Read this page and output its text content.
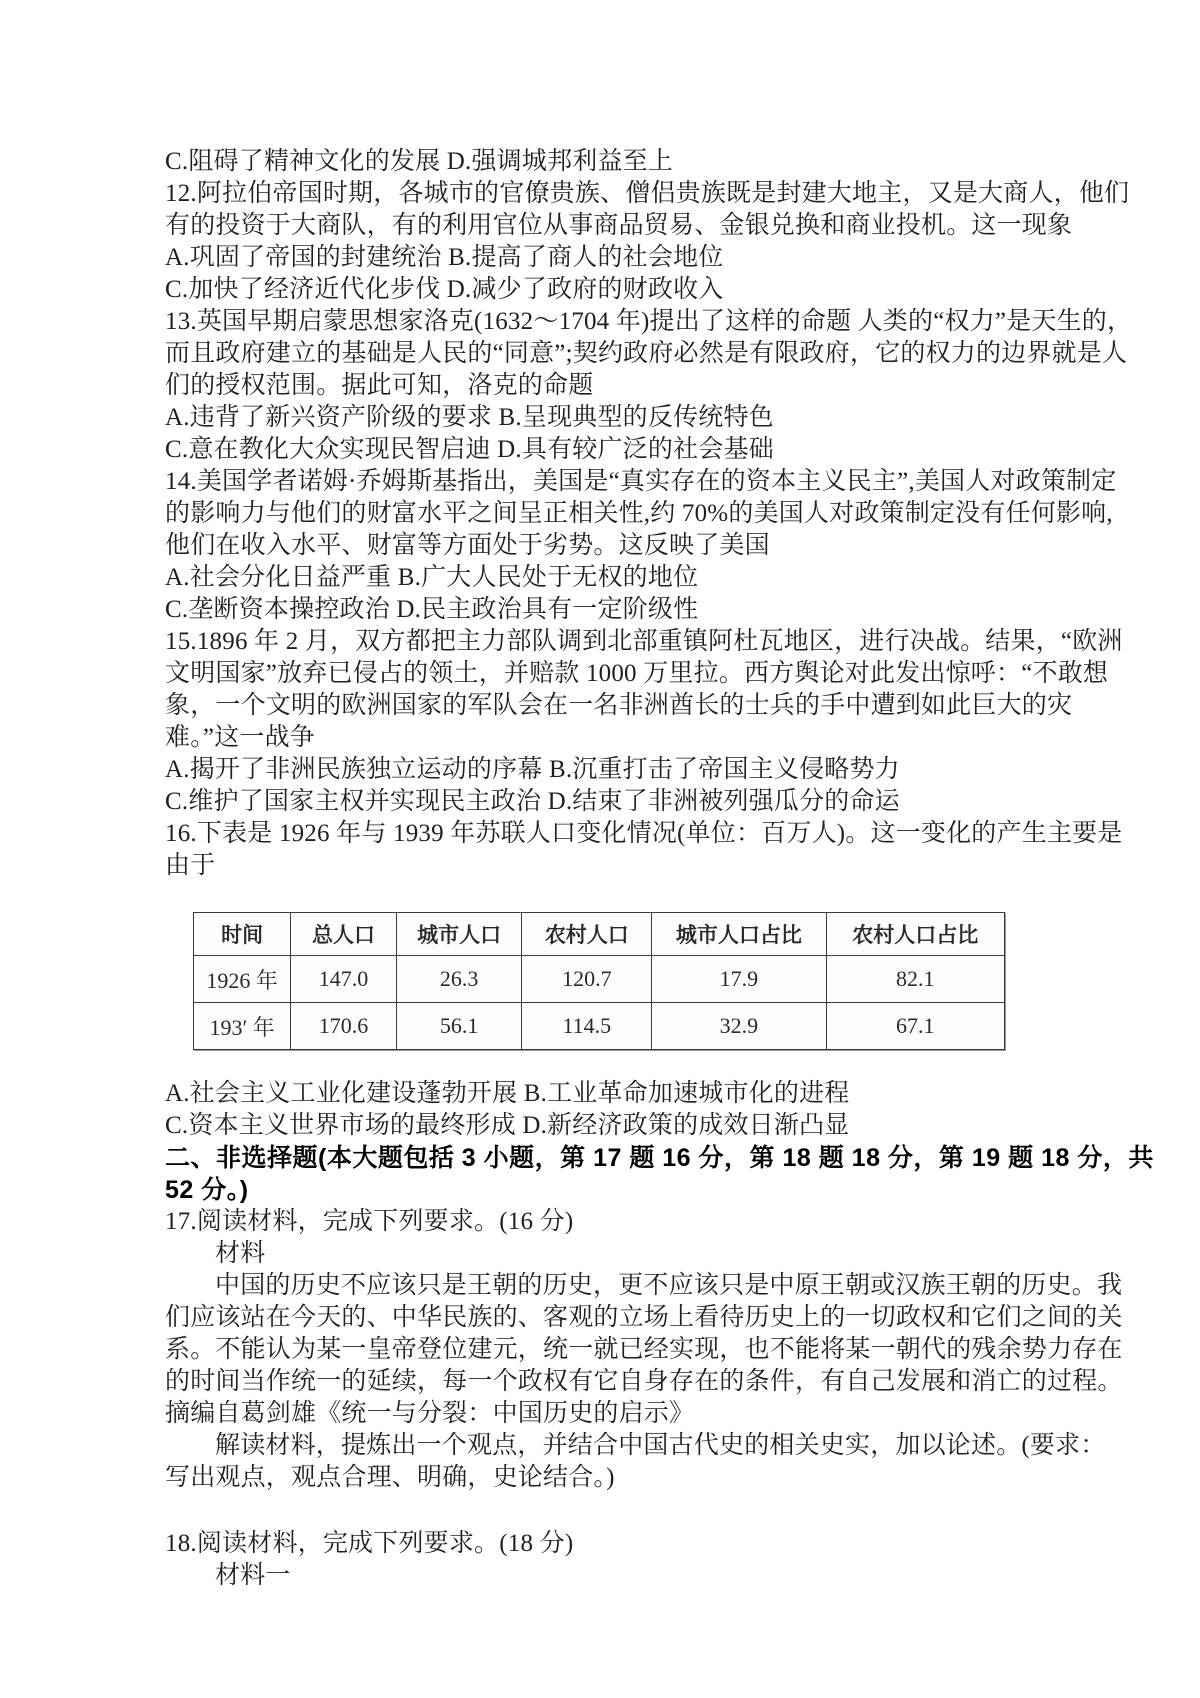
C.阻碍了精神文化的发展 D.强调城邦利益至上
12.阿拉伯帝国时期，各城市的官僚贵族、僧侣贵族既是封建大地主，又是大商人，他们
有的投资于大商队，有的利用官位从事商品贸易、金银兑换和商业投机。这一现象
A.巩固了帝国的封建统治 B.提高了商人的社会地位
C.加快了经济近代化步伐 D.减少了政府的财政收入
13.英国早期启蒙思想家洛克(1632～1704 年)提出了这样的命题 人类的“权力”是天生的，
而且政府建立的基础是人民的“同意”;契约政府必然是有限政府，它的权力的边界就是人
们的授权范围。据此可知，洛克的命题
A.违背了新兴资产阶级的要求 B.呈现典型的反传统特色
C.意在教化大众实现民智启迪 D.具有较广泛的社会基础
14.美国学者诺姆·乔姆斯基指出，美国是“真实存在的资本主义民主”,美国人对政策制定
的影响力与他们的财富水平之间呈正相关性,约 70%的美国人对政策制定没有任何影响,
他们在收入水平、财富等方面处于劣势。这反映了美国
A.社会分化日益严重 B.广大人民处于无权的地位
C.垄断资本操控政治 D.民主政治具有一定阶级性
15.1896 年 2 月，双方都把主力部队调到北部重镇阿杜瓦地区，进行决战。结果，“欧洲
文明国家”放弃已侵占的领土，并赔款 1000 万里拉。西方舆论对此发出惊呼：“不敢想
象，一个文明的欧洲国家的军队会在一名非洲酋长的士兵的手中遭到如此巨大的灾
难。”这一战争
A.揭开了非洲民族独立运动的序幕 B.沉重打击了帝国主义侵略势力
C.维护了国家主权并实现民主政治 D.结束了非洲被列强瓜分的命运
16.下表是 1926 年与 1939 年苏联人口变化情况(单位：百万人)。这一变化的产生主要是
由于
时间	总人口	城市人口	农村人口	城市人口占比	农村人口占比
1926 年	147.0	26.3	120.7	17.9	82.1
193′ 年	170.6	56.1	114.5	32.9	67.1
A.社会主义工业化建设蓬勃开展 B.工业革命加速城市化的进程
C.资本主义世界市场的最终形成 D.新经济政策的成效日渐凸显
二、非选择题(本大题包括 3 小题，第 17 题 16 分，第 18 题 18 分，第 19 题 18 分，共
52 分。)
17.阅读材料，完成下列要求。(16 分)
材料
中国的历史不应该只是王朝的历史，更不应该只是中原王朝或汉族王朝的历史。我
们应该站在今天的、中华民族的、客观的立场上看待历史上的一切政权和它们之间的关
系。不能认为某一皇帝登位建元，统一就已经实现，也不能将某一朝代的残余势力存在
的时间当作统一的延续，每一个政权有它自身存在的条件，有自己发展和消亡的过程。
摘编自葛剑雄《统一与分裂：中国历史的启示》
解读材料，提炼出一个观点，并结合中国古代史的相关史实，加以论述。(要求：
写出观点，观点合理、明确，史论结合。)
18.阅读材料，完成下列要求。(18 分)
材料一
